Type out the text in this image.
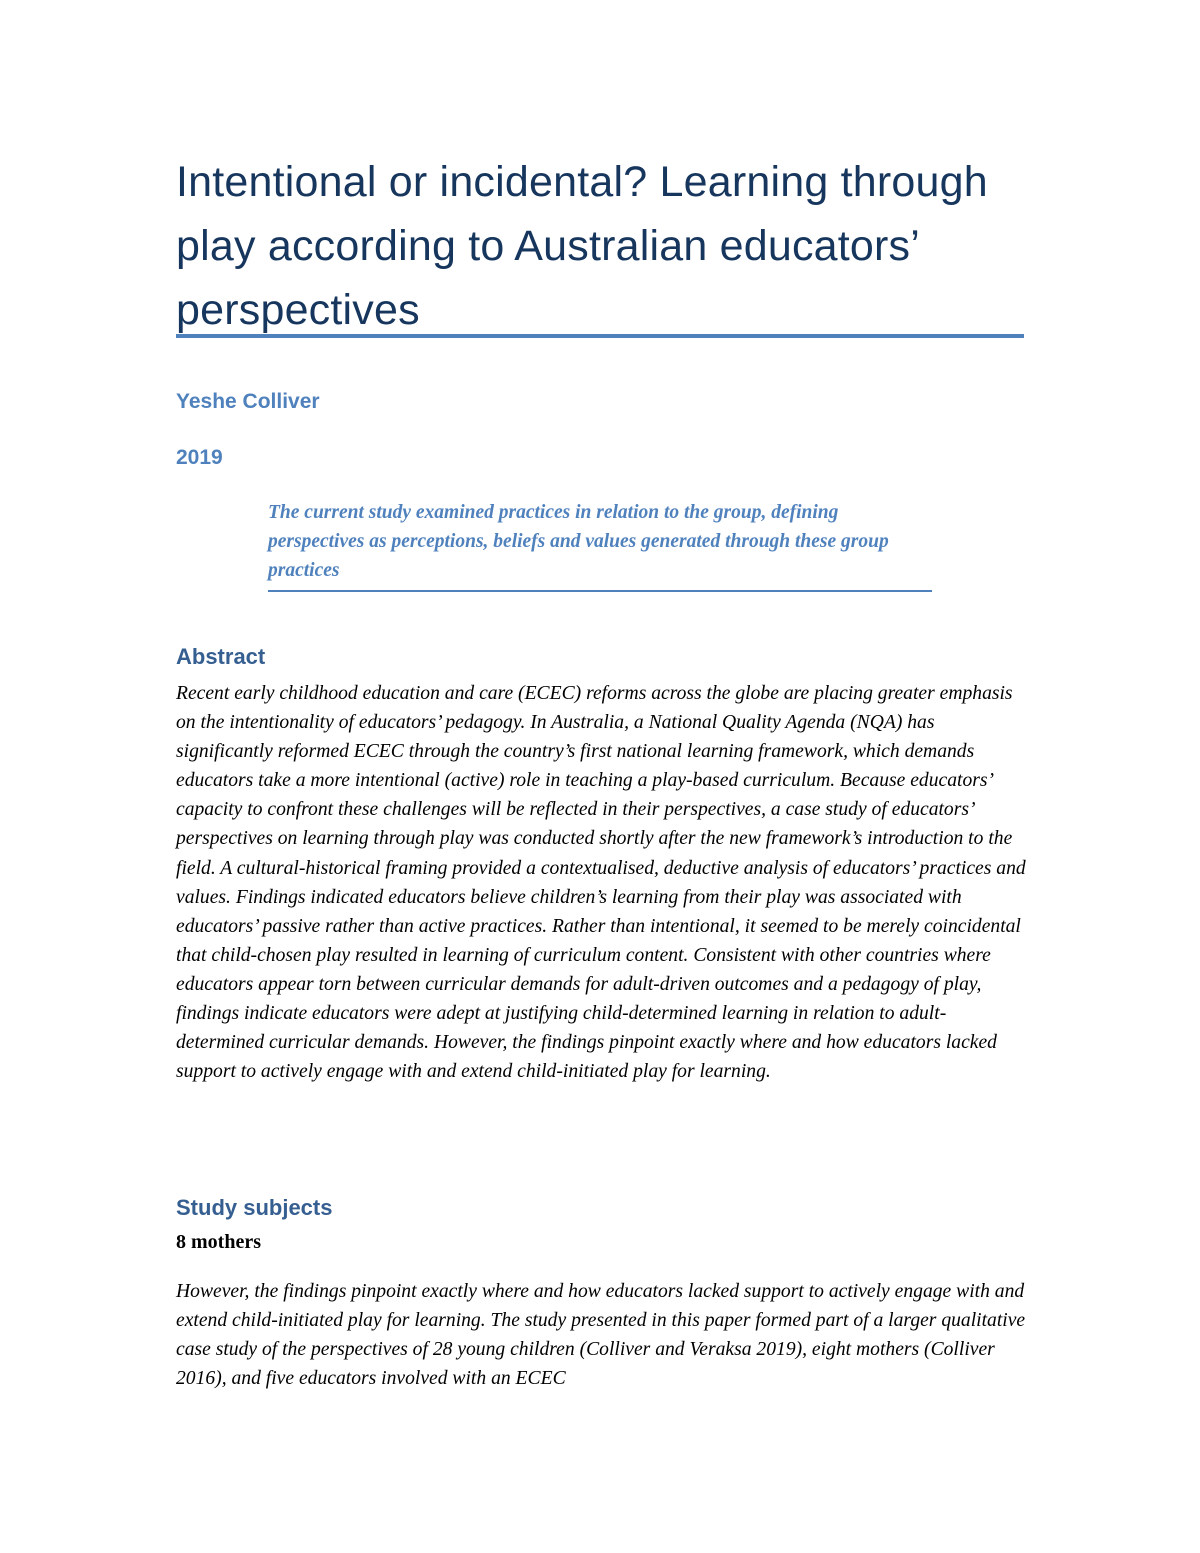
Intentional or incidental? Learning through play according to Australian educators’ perspectives
Yeshe Colliver
2019

The current study examined practices in relation to the group, defining perspectives as perceptions, beliefs and values generated through these group practices

Abstract

Recent early childhood education and care (ECEC) reforms across the globe are placing greater emphasis on the intentionality of educators’ pedagogy. In Australia, a National Quality Agenda (NQA) has significantly reformed ECEC through the country’s first national learning framework, which demands educators take a more intentional (active) role in teaching a play-based curriculum. Because educators’ capacity to confront these challenges will be reflected in their perspectives, a case study of educators’ perspectives on learning through play was conducted shortly after the new framework’s introduction to the field. A cultural-historical framing provided a contextualised, deductive analysis of educators’ practices and values. Findings indicated educators believe children’s learning from their play was associated with educators’ passive rather than active practices. Rather than intentional, it seemed to be merely coincidental that child-chosen play resulted in learning of curriculum content. Consistent with other countries where educators appear torn between curricular demands for adult-driven outcomes and a pedagogy of play, findings indicate educators were adept at justifying child-determined learning in relation to adult-determined curricular demands. However, the findings pinpoint exactly where and how educators lacked support to actively engage with and extend child-initiated play for learning.

Study subjects
8 mothers

However, the findings pinpoint exactly where and how educators lacked support to actively engage with and extend child-initiated play for learning. The study presented in this paper formed part of a larger qualitative case study of the perspectives of 28 young children (Colliver and Veraksa 2019), eight mothers (Colliver 2016), and five educators involved with an ECEC
